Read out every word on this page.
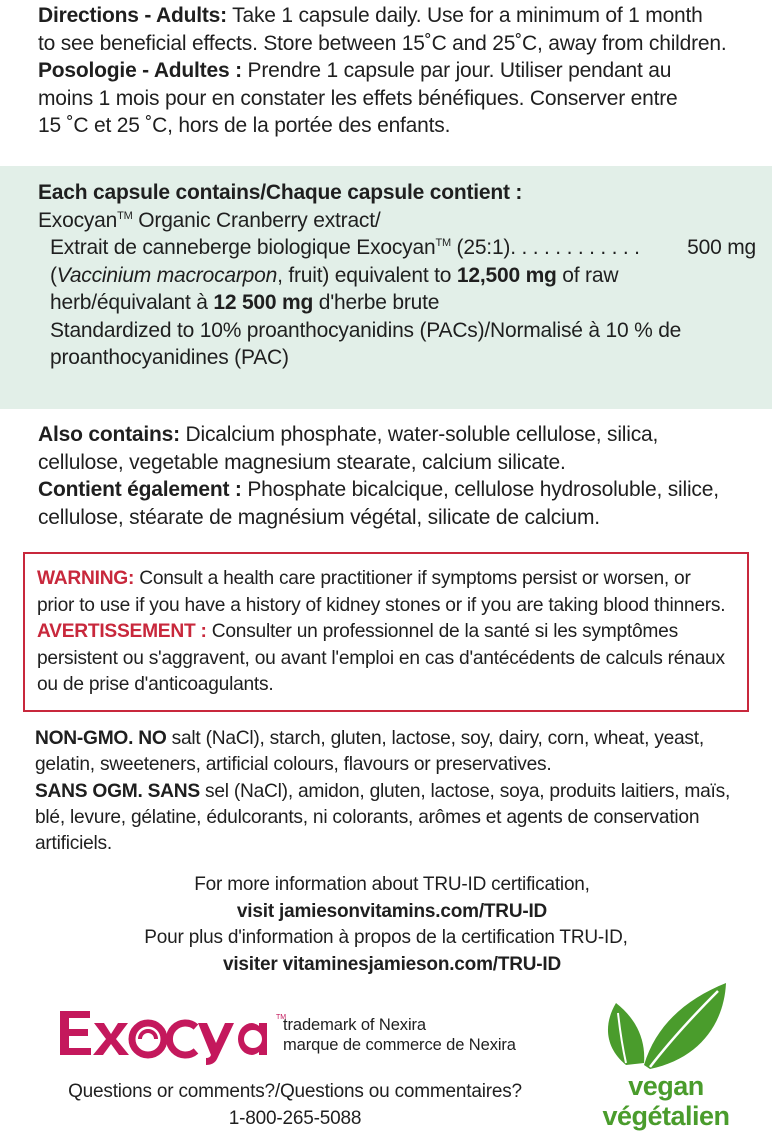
Directions - Adults: Take 1 capsule daily. Use for a minimum of 1 month

to see beneficial effects. Store between 15˚C and 25˚C, away from children.

Posologie - Adultes : Prendre 1 capsule par jour. Utiliser pendant au

moins 1 mois pour en constater les effets bénéfiques. Conserver entre

15 ˚C et 25 ˚C, hors de la portée des enfants.

Each capsule contains/Chaque capsule contient :

Exocyan™ Organic Cranberry extract/

Extrait de canneberge biologique Exocyan™ (25:1) . . . . . . . . . . . .	500 mg

(Vaccinium macrocarpon, fruit) equivalent to 12,500 mg of raw

herb/équivalant à 12 500 mg d'herbe brute

Standardized to 10% proanthocyanidins (PACs)/Normalisé à 10 % de

proanthocyanidines (PAC)

Also contains: Dicalcium phosphate, water-soluble cellulose, silica,

cellulose, vegetable magnesium stearate, calcium silicate.

Contient également : Phosphate bicalcique, cellulose hydrosoluble, silice,

cellulose, stéarate de magnésium végétal, silicate de calcium.

WARNING: Consult a health care practitioner if symptoms persist or worsen, or

prior to use if you have a history of kidney stones or if you are taking blood thinners.

AVERTISSEMENT : Consulter un professionnel de la santé si les symptômes

persistent ou s'aggravent, ou avant l'emploi en cas d'antécédents de calculs rénaux

ou de prise d'anticoagulants.

NON-GMO. NO salt (NaCl), starch, gluten, lactose, soy, dairy, corn, wheat, yeast,

gelatin, sweeteners, artificial colours, flavours or preservatives.

SANS OGM. SANS sel (NaCl), amidon, gluten, lactose, soya, produits laitiers, maïs,

blé, levure, gélatine, édulcorants, ni colorants, arômes et agents de conservation

artificiels.

For more information about TRU-ID certification,

visit jamiesonvitamins.com/TRU-ID

Pour plus d'information à propos de la certification TRU-ID,

visiter vitaminesjamieson.com/TRU-ID

TM
Exocyan

trademark of Nexira

marque de commerce de Nexira

Questions or comments?/Questions ou commentaires?

1-800-265-5088

vegan
végétalien
